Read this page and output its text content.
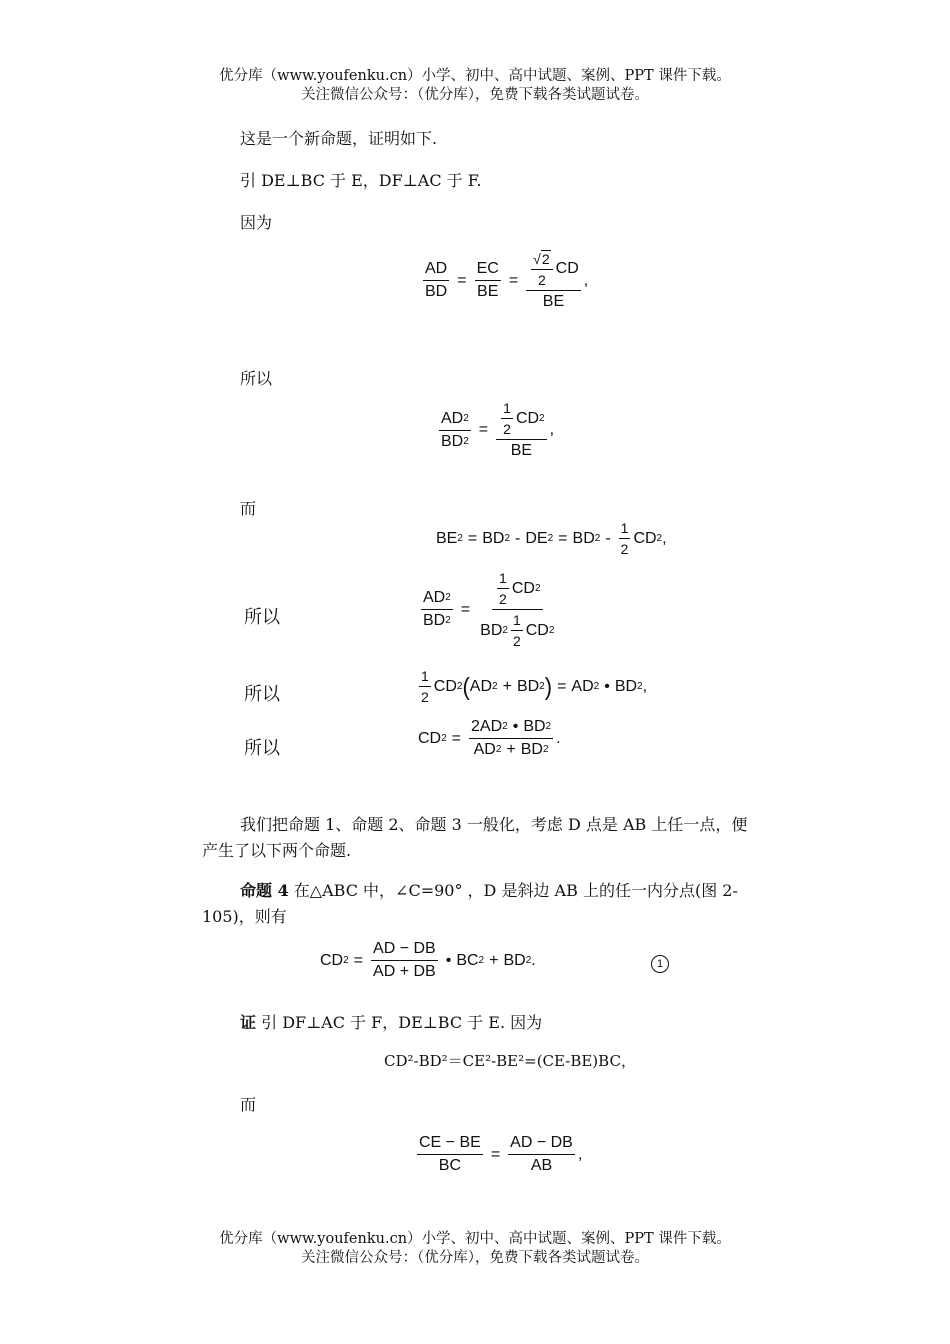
优分库（www.youfenku.cn）小学、初中、高中试题、案例、PPT 课件下载。
关注微信公众号：（优分库），免费下载各类试题试卷。
这是一个新命题，证明如下.
引 DE⊥BC 于 E，DF⊥AC 于 F.
因为
$\frac{AD}{BD} = \frac{EC}{BE} = \frac{\frac{√ 2}{2} CD}{BE}$ ,
所以
$\frac{AD 2}{BD 2} = \frac{\frac{1}{2} CD 2}{BE}$ ,
而
BE 2 = BD 2 - DE 2 = BD $2 - \frac{1}{2}$ CD 2 ,
所以	$\frac{AD 2}{BD 2} = \frac{\frac{1}{2} CD 2}{BD 2 \frac{1}{2} CD 2}$
所以	$\frac{1}{2}$ CD 2 ( AD 2 + BD 2 ) = AD 2 • BD 2 ,
所以	CD $2 = \frac{2AD 2 • BD 2}{AD 2 + BD 2}$ .
我们把命题 1、命题 2、命题 3 一般化，考虑 D 点是 AB 上任一点，便
产生了以下两个命题.
命题 4 在△ABC 中，∠C=90° ，D 是斜边 AB 上的任一内分点(图 2-
105)，则有
CD $2 = \frac{AD - DB}{AD + DB}$ • BC 2 + BD 2 .	1
证 引 DF⊥AC 于 F，DE⊥BC 于 E. 因为
CD²-BD²＝CE²-BE²=(CE-BE)BC，
而
$\frac{CE - BE}{BC} = \frac{AD - DB}{AB}$ ,
优分库（www.youfenku.cn）小学、初中、高中试题、案例、PPT 课件下载。
关注微信公众号：（优分库），免费下载各类试题试卷。
